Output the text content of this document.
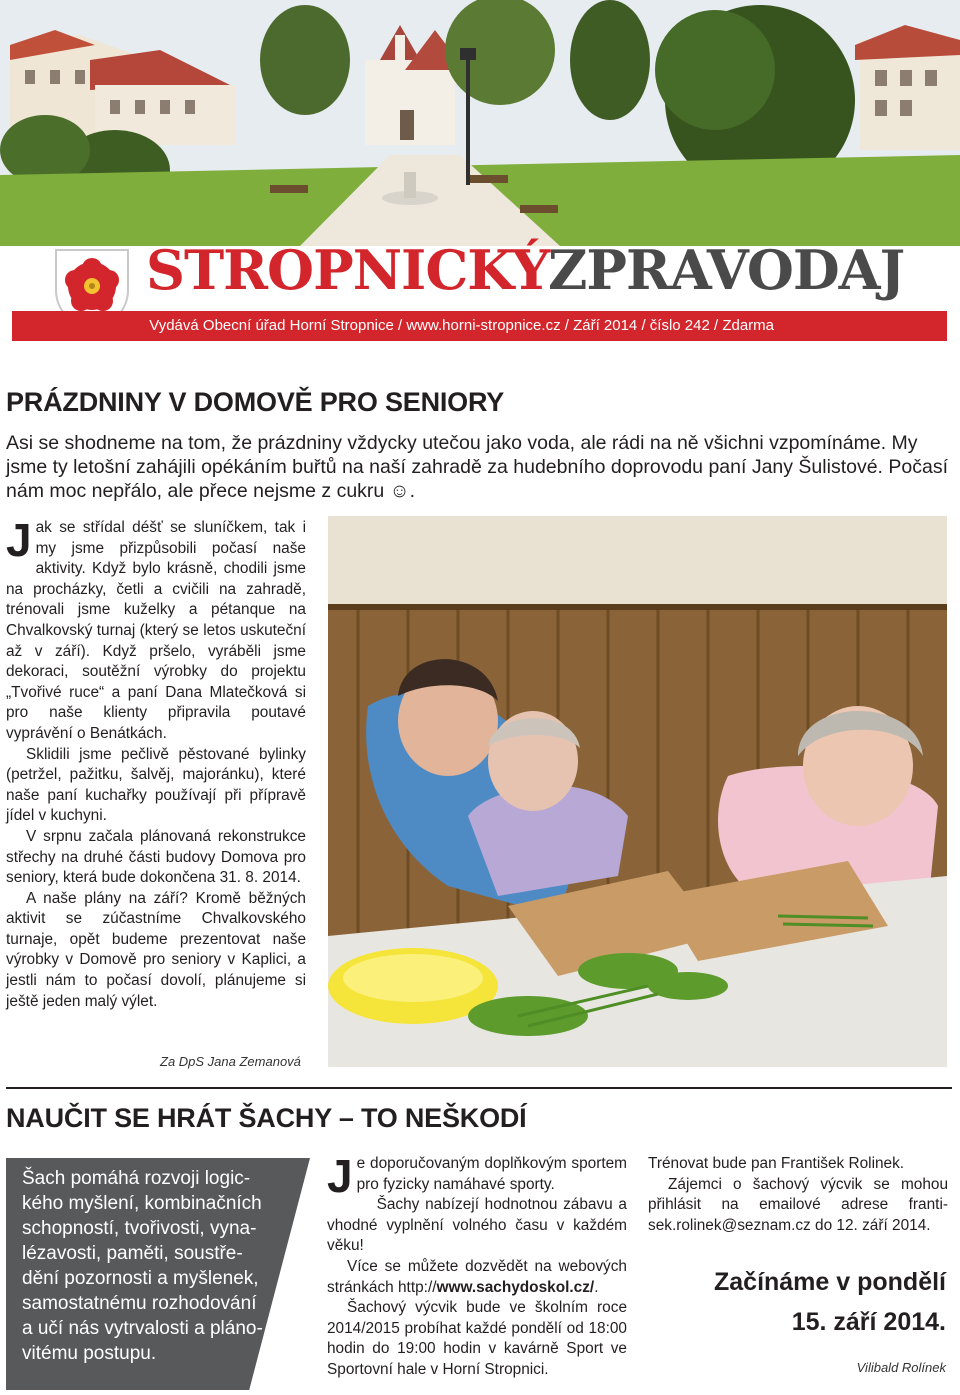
STROPNICKÝ
ZPRAVODAJ
Vydává Obecní úřad Horní Stropnice / www.horni-stropnice.cz / Září 2014 / číslo 242 / Zdarma
PRÁZDNINY V DOMOVĚ PRO SENIORY
Asi se shodneme na tom, že prázdniny vždycky utečou jako voda, ale rádi na ně všichni vzpomínáme. My jsme ty letošní zahájili opékáním buřtů na naší zahradě za hudebního doprovodu paní Jany Šulistové. Počasí nám moc nepřálo, ale přece nejsme z cukru ☺.

Jak se střídal déšť se sluníčkem, tak i my jsme přizpůsobili počasí naše aktivity. Když bylo krásně, chodili jsme na procházky, četli a cvičili na zahradě, trénovali jsme kuželky a pétanque na Chvalkovský turnaj (který se letos uskuteční až v září). Když pršelo, vyráběli jsme dekoraci, soutěžní výrobky do projektu „Tvořivé ruce“ a paní Dana Mlatečková si pro naše klienty připravila poutavé vyprávění o Benátkách.

Sklidili jsme pečlivě pěstované bylinky (petržel, pažitku, šalvěj, majoránku), které naše paní kuchařky používají při přípravě jídel v kuchyni.

V srpnu začala plánovaná rekonstrukce střechy na druhé části budovy Domova pro seniory, která bude dokončena 31. 8. 2014.

A naše plány na září? Kromě běžných aktivit se zúčastníme Chvalkovského turnaje, opět budeme prezentovat naše výrobky v Domově pro seniory v Kaplici, a jestli nám to počasí dovolí, plánujeme si ještě jeden malý výlet.

Za DpS Jana Zemanová
NAUČIT SE HRÁT ŠACHY – TO NEŠKODÍ
Šach pomáhá rozvoji logic-
kého myšlení, kombinačních
schopností, tvořivosti, vyna-
lézavosti, paměti, soustře-
dění pozornosti a myšlenek,
samostatnému rozhodování
a učí nás vytrvalosti a pláno-
vitému postupu.

Je doporučovaným doplňkovým sportem pro fyzicky namáhavé sporty.

Šachy nabízejí hodnotnou zábavu a vhodné vyplnění volného času v každém věku!

Více se můžete dozvědět na webových stránkách http://www.sachydoskol.cz/.

Šachový výcvik bude ve školním roce 2014/2015 probíhat každé pondělí od 18:00 hodin do 19:00 hodin v kavárně Sport ve Sportovní hale v Horní Stropnici.

Trénovat bude pan František Rolinek.

Zájemci o šachový výcvik se mohou přihlásit na emailové adrese franti-sek.rolinek@seznam.cz do 12. září 2014.

Začínáme v pondělí
15. září 2014.
Vilibald Rolínek
